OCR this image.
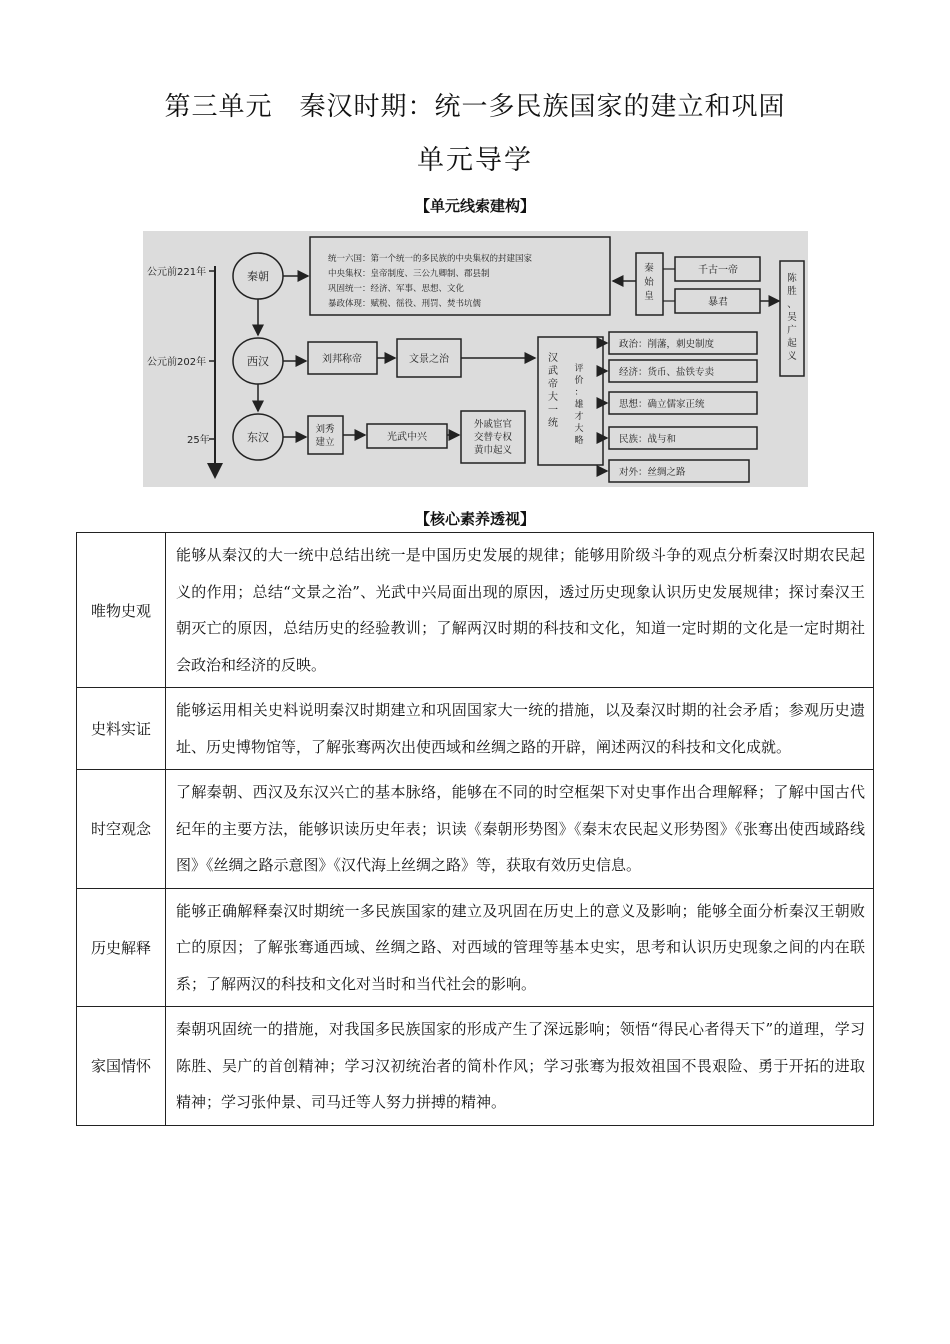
第三单元　秦汉时期：统一多民族国家的建立和巩固
单元导学
【单元线索建构】
公元前221年
公元前202年
25年
秦朝
西汉
东汉
统一六国：第一个统一的多民族的中央集权的封建国家
中央集权：皇帝制度、三公九卿制、郡县制
巩固统一：经济、军事、思想、文化
暴政体现：赋税、徭役、刑罚、焚书坑儒
秦始皇
千古一帝
暴君
陈胜、吴广起义
刘邦称帝	文景之治	汉武帝大一统
评价：雄才大略
政治：削藩，刺史制度
经济：货币、盐铁专卖
思想：确立儒家正统
民族：战与和
对外：丝绸之路
刘秀建立	光武中兴
外戚宦官交替专权黄巾起义
【核心素养透视】
唯物史观	能够从秦汉的大一统中总结出统一是中国历史发展的规律；能够用阶级斗争的观点分析秦汉时期农民起义的作用；总结“文景之治”、光武中兴局面出现的原因，透过历史现象认识历史发展规律；探讨秦汉王朝灭亡的原因，总结历史的经验教训；了解两汉时期的科技和文化，知道一定时期的文化是一定时期社会政治和经济的反映。
史料实证	能够运用相关史料说明秦汉时期建立和巩固国家大一统的措施，以及秦汉时期的社会矛盾；参观历史遗址、历史博物馆等，了解张骞两次出使西域和丝绸之路的开辟，阐述两汉的科技和文化成就。
时空观念	了解秦朝、西汉及东汉兴亡的基本脉络，能够在不同的时空框架下对史事作出合理解释；了解中国古代纪年的主要方法，能够识读历史年表；识读《秦朝形势图》《秦末农民起义形势图》《张骞出使西域路线图》《丝绸之路示意图》《汉代海上丝绸之路》等，获取有效历史信息。
历史解释	能够正确解释秦汉时期统一多民族国家的建立及巩固在历史上的意义及影响；能够全面分析秦汉王朝败亡的原因；了解张骞通西域、丝绸之路、对西域的管理等基本史实，思考和认识历史现象之间的内在联系；了解两汉的科技和文化对当时和当代社会的影响。
家国情怀	秦朝巩固统一的措施，对我国多民族国家的形成产生了深远影响；领悟“得民心者得天下”的道理，学习陈胜、吴广的首创精神；学习汉初统治者的简朴作风；学习张骞为报效祖国不畏艰险、勇于开拓的进取精神；学习张仲景、司马迁等人努力拼搏的精神。
